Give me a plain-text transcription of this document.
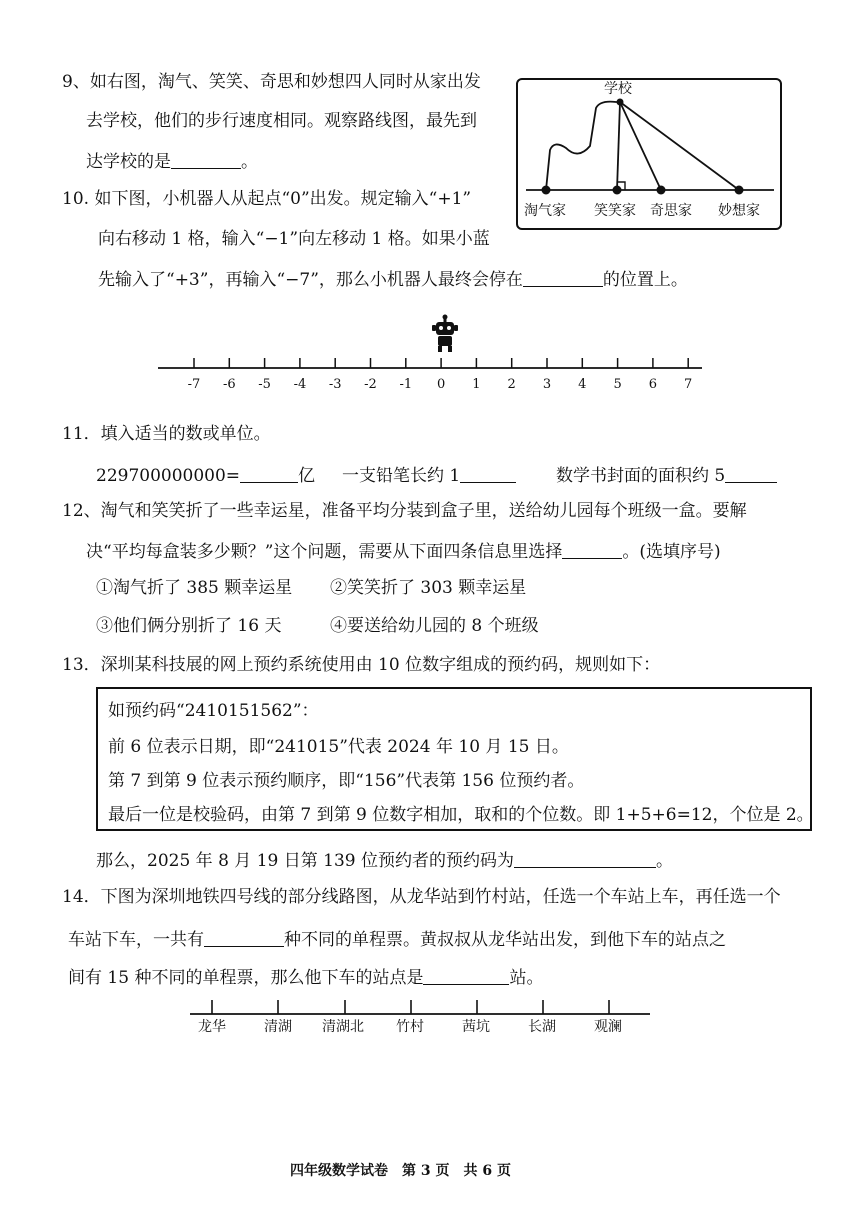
9、如右图，淘气、笑笑、奇思和妙想四人同时从家出发
去学校，他们的步行速度相同。观察路线图，最先到
达学校的是	。
学校
淘气家 笑笑家 奇思家 妙想家
10. 如下图，小机器人从起点“0”出发。规定输入“+1”
向右移动 1 格，输入“−1”向左移动 1 格。如果小蓝
先输入了“+3”，再输入“−7”，那么小机器人最终会停在	的位置上。
-7 -6 -5 -4 -3 -2 -1 0 1 2 3 4 5 6 7
11．填入适当的数或单位。
229700000000=	亿 一支铅笔长约 1	数学书封面的面积约 5
12、淘气和笑笑折了一些幸运星，准备平均分装到盒子里，送给幼儿园每个班级一盒。要解
决“平均每盒装多少颗？”这个问题，需要从下面四条信息里选择	。(选填序号)
①淘气折了 385 颗幸运星 ②笑笑折了 303 颗幸运星
③他们俩分别折了 16 天	④要送给幼儿园的 8 个班级
13．深圳某科技展的网上预约系统使用由 10 位数字组成的预约码，规则如下：
如预约码“2410151562”：
前 6 位表示日期，即“241015”代表 2024 年 10 月 15 日。
第 7 到第 9 位表示预约顺序，即“156”代表第 156 位预约者。
最后一位是校验码，由第 7 到第 9 位数字相加，取和的个位数。即 1+5+6=12，个位是 2。
那么，2025 年 8 月 19 日第 139 位预约者的预约码为	。
14．下图为深圳地铁四号线的部分线路图，从龙华站到竹村站，任选一个车站上车，再任选一个
车站下车，一共有	种不同的单程票。黄叔叔从龙华站出发，到他下车的站点之
间有 15 种不同的单程票，那么他下车的站点是	站。
龙华	清湖 清湖北 竹村	茜坑	长湖	观澜
四年级数学试卷　第 3 页　共 6 页
